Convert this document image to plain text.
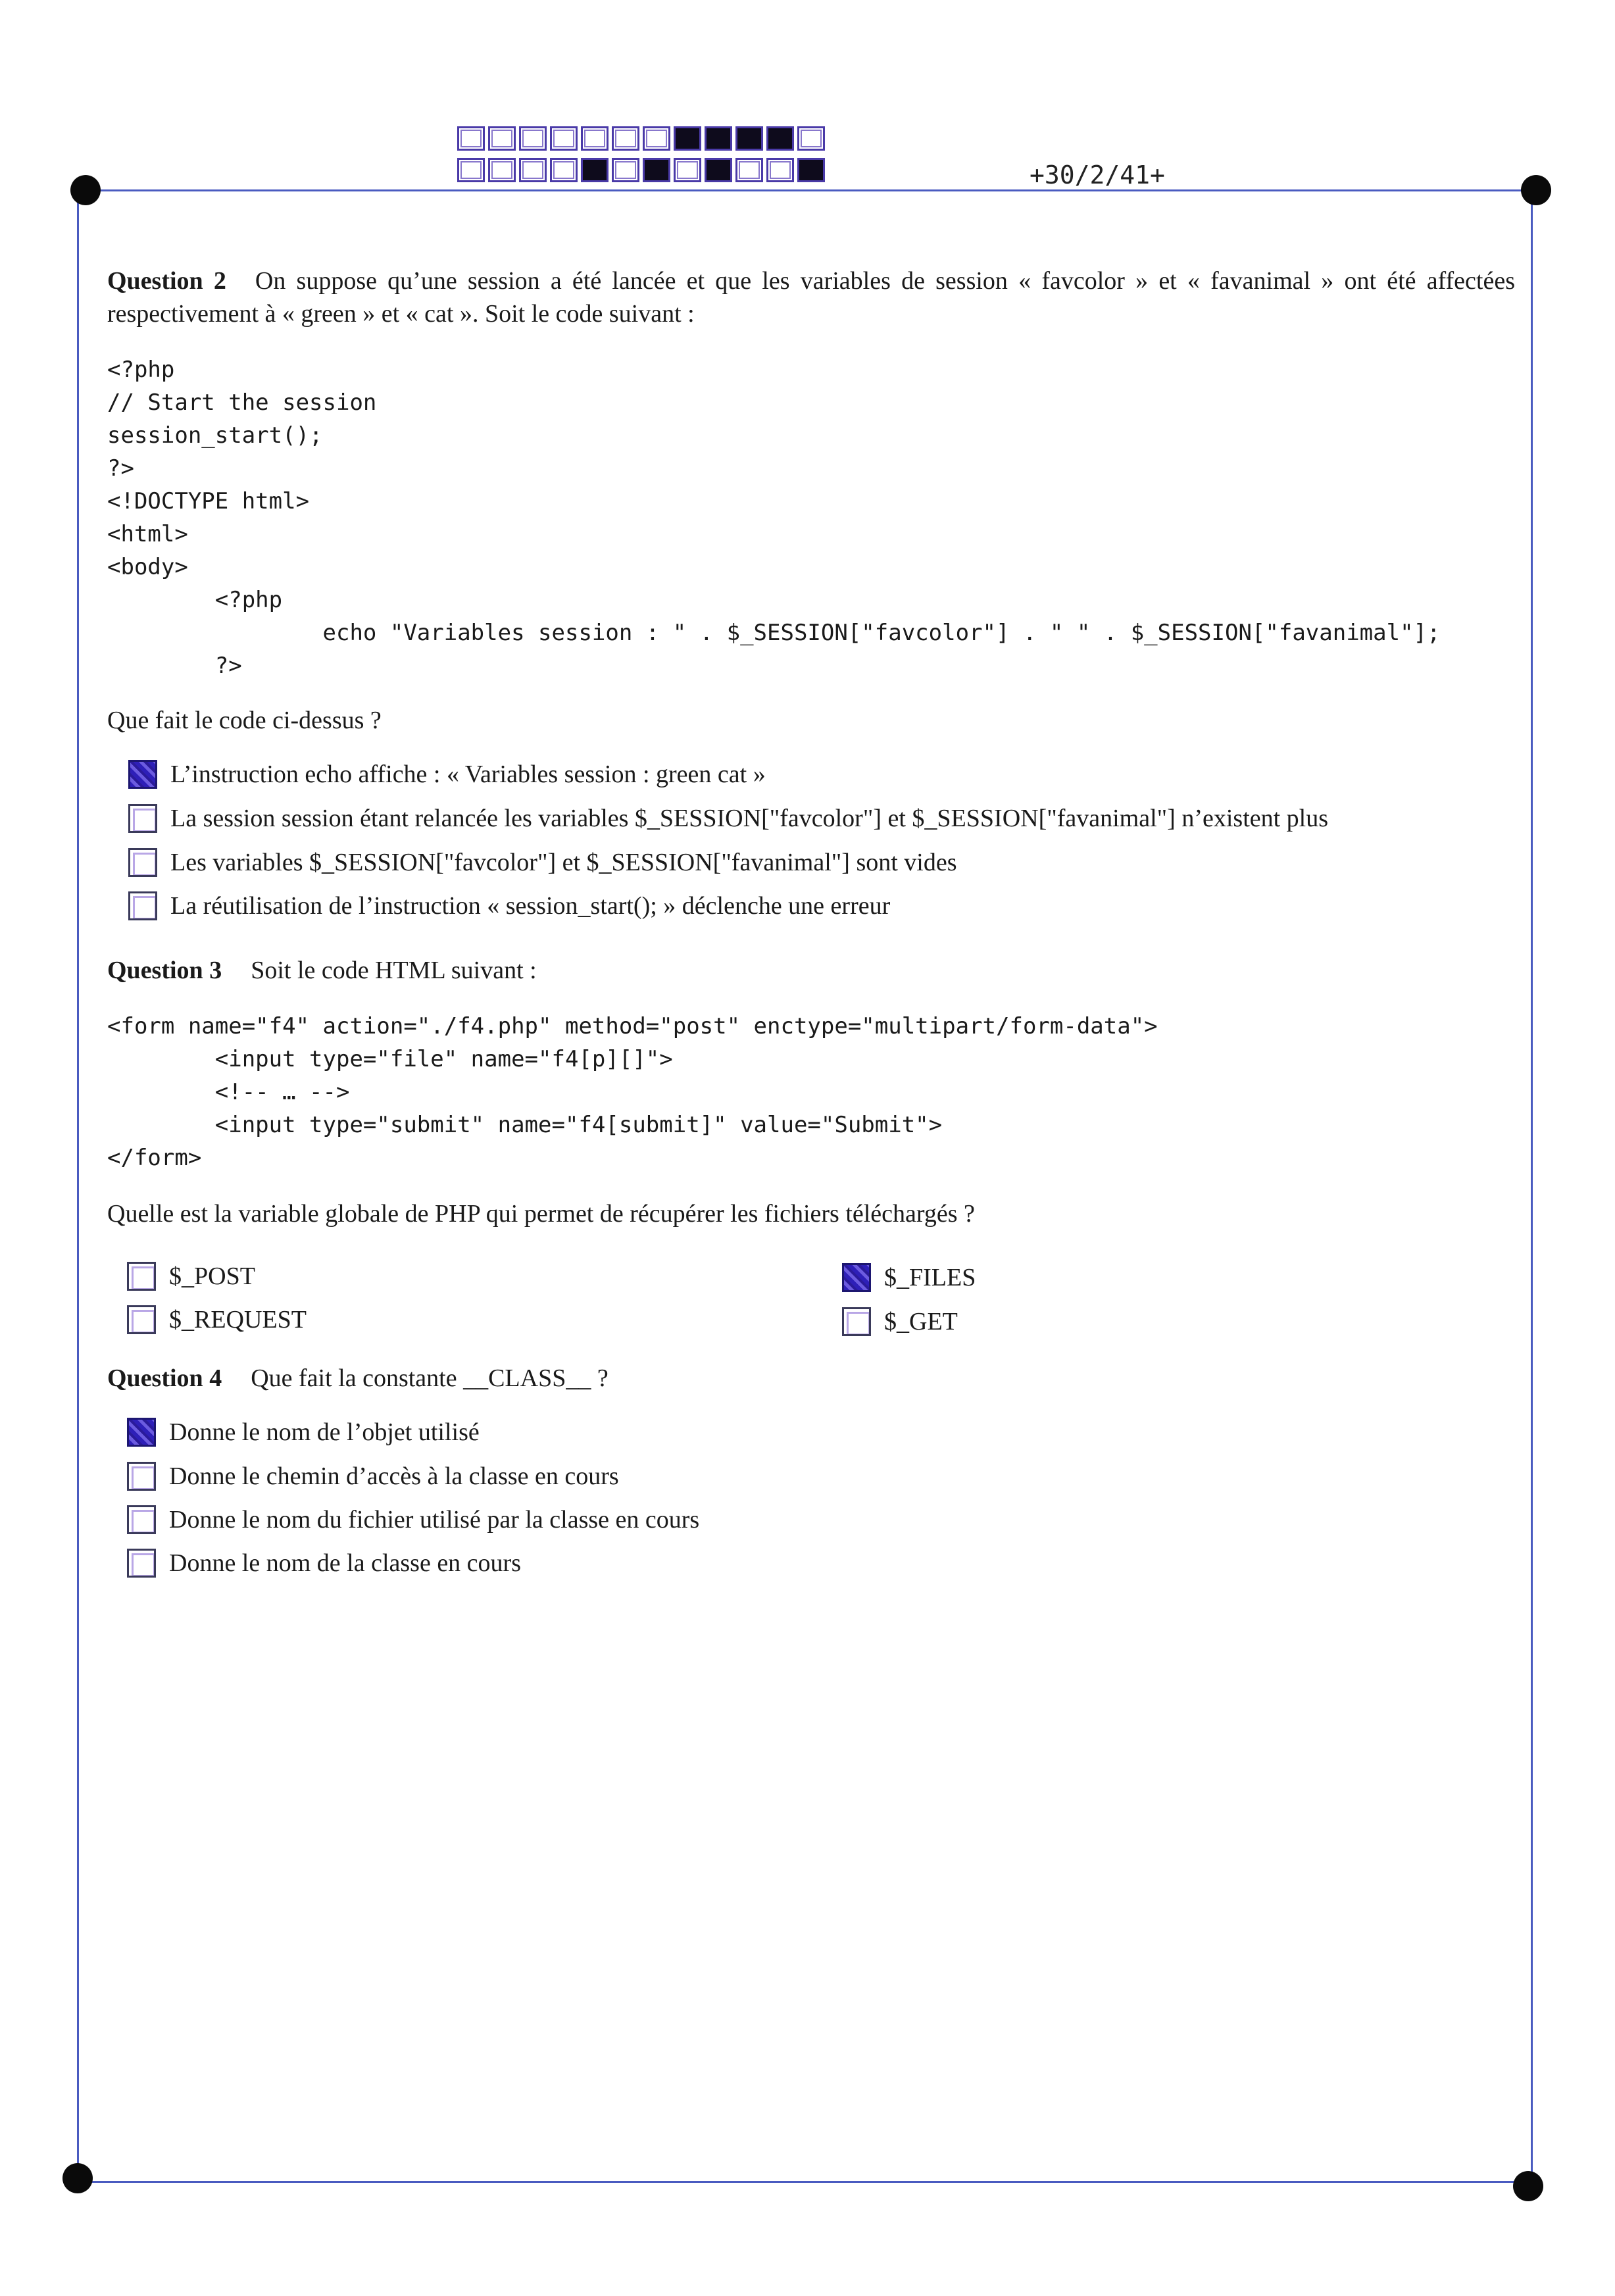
+30/2/41+
Question 2 On suppose qu’une session a été lancée et que les variables de session « favcolor » et « favanimal » ont été affectées respectivement à « green » et « cat ». Soit le code suivant :
<?php
// Start the session
session_start();
?>
<!DOCTYPE html>
<html>
<body>
<?php
echo "Variables session : " . $_SESSION["favcolor"] . " " . $_SESSION["favanimal"];
?>
Que fait le code ci-dessus ?
L’instruction echo affiche : « Variables session : green cat »
La session session étant relancée les variables $_SESSION["favcolor"] et $_SESSION["favanimal"] n’existent plus
Les variables $_SESSION["favcolor"] et $_SESSION["favanimal"] sont vides
La réutilisation de l’instruction « session_start(); » déclenche une erreur
Question 3 Soit le code HTML suivant :
<form name="f4" action="./f4.php" method="post" enctype="multipart/form-data">
<input type="file" name="f4[p][]">
<!-- … -->
<input type="submit" name="f4[submit]" value="Submit">
</form>
Quelle est la variable globale de PHP qui permet de récupérer les fichiers téléchargés ?
$_POST	$_FILES
$_REQUEST	$_GET
Question 4 Que fait la constante __CLASS__ ?
Donne le nom de l’objet utilisé
Donne le chemin d’accès à la classe en cours
Donne le nom du fichier utilisé par la classe en cours
Donne le nom de la classe en cours
